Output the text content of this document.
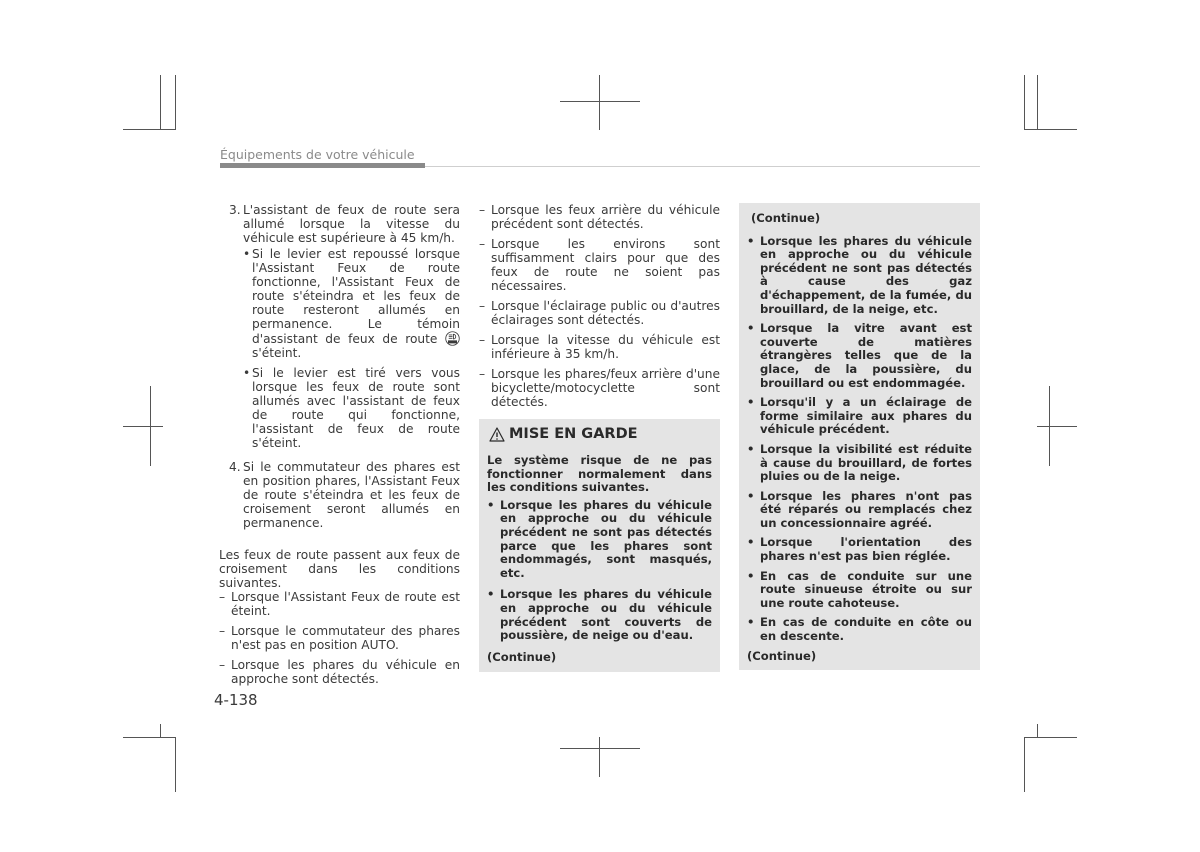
Équipements de votre véhicule
3. L'assistant de feux de route sera allumé lorsque la vitesse du véhicule est supérieure à 45 km/h.
• Si le levier est repoussé lorsque l'Assistant Feux de route fonctionne, l'Assistant Feux de route s'éteindra et les feux de route resteront allumés en permanence. Le témoin d'assistant de feux de route  s'éteint.
• Si le levier est tiré vers vous lorsque les feux de route sont allumés avec l'assistant de feux de route qui fonctionne, l'assistant de feux de route s'éteint.
4. Si le commutateur des phares est en position phares, l'Assistant Feux de route s'éteindra et les feux de croisement seront allumés en permanence.
Les feux de route passent aux feux de croisement dans les conditions suivantes.
– Lorsque l'Assistant Feux de route est éteint.
– Lorsque le commutateur des phares n'est pas en position AUTO.
– Lorsque les phares du véhicule en approche sont détectés.
– Lorsque les feux arrière du véhicule précédent sont détectés.
– Lorsque les environs sont suffisamment clairs pour que des feux de route ne soient pas nécessaires.
– Lorsque l'éclairage public ou d'autres éclairages sont détectés.
– Lorsque la vitesse du véhicule est inférieure à 35 km/h.
– Lorsque les phares/feux arrière d'une bicyclette/motocyclette sont détectés.
MISE EN GARDE
Le système risque de ne pas fonctionner normalement dans les conditions suivantes.
• Lorsque les phares du véhicule en approche ou du véhicule précédent ne sont pas détectés parce que les phares sont endommagés, sont masqués, etc.
• Lorsque les phares du véhicule en approche ou du véhicule précédent sont couverts de poussière, de neige ou d'eau.
(Continue)
(Continue)
• Lorsque les phares du véhicule en approche ou du véhicule précédent ne sont pas détectés à cause des gaz d'échappement, de la fumée, du brouillard, de la neige, etc.
• Lorsque la vitre avant est couverte de matières étrangères telles que de la glace, de la poussière, du brouillard ou est endommagée.
• Lorsqu'il y a un éclairage de forme similaire aux phares du véhicule précédent.
• Lorsque la visibilité est réduite à cause du brouillard, de fortes pluies ou de la neige.
• Lorsque les phares n'ont pas été réparés ou remplacés chez un concessionnaire agréé.
• Lorsque l'orientation des phares n'est pas bien réglée.
• En cas de conduite sur une route sinueuse étroite ou sur une route cahoteuse.
• En cas de conduite en côte ou en descente.
(Continue)
4-138
